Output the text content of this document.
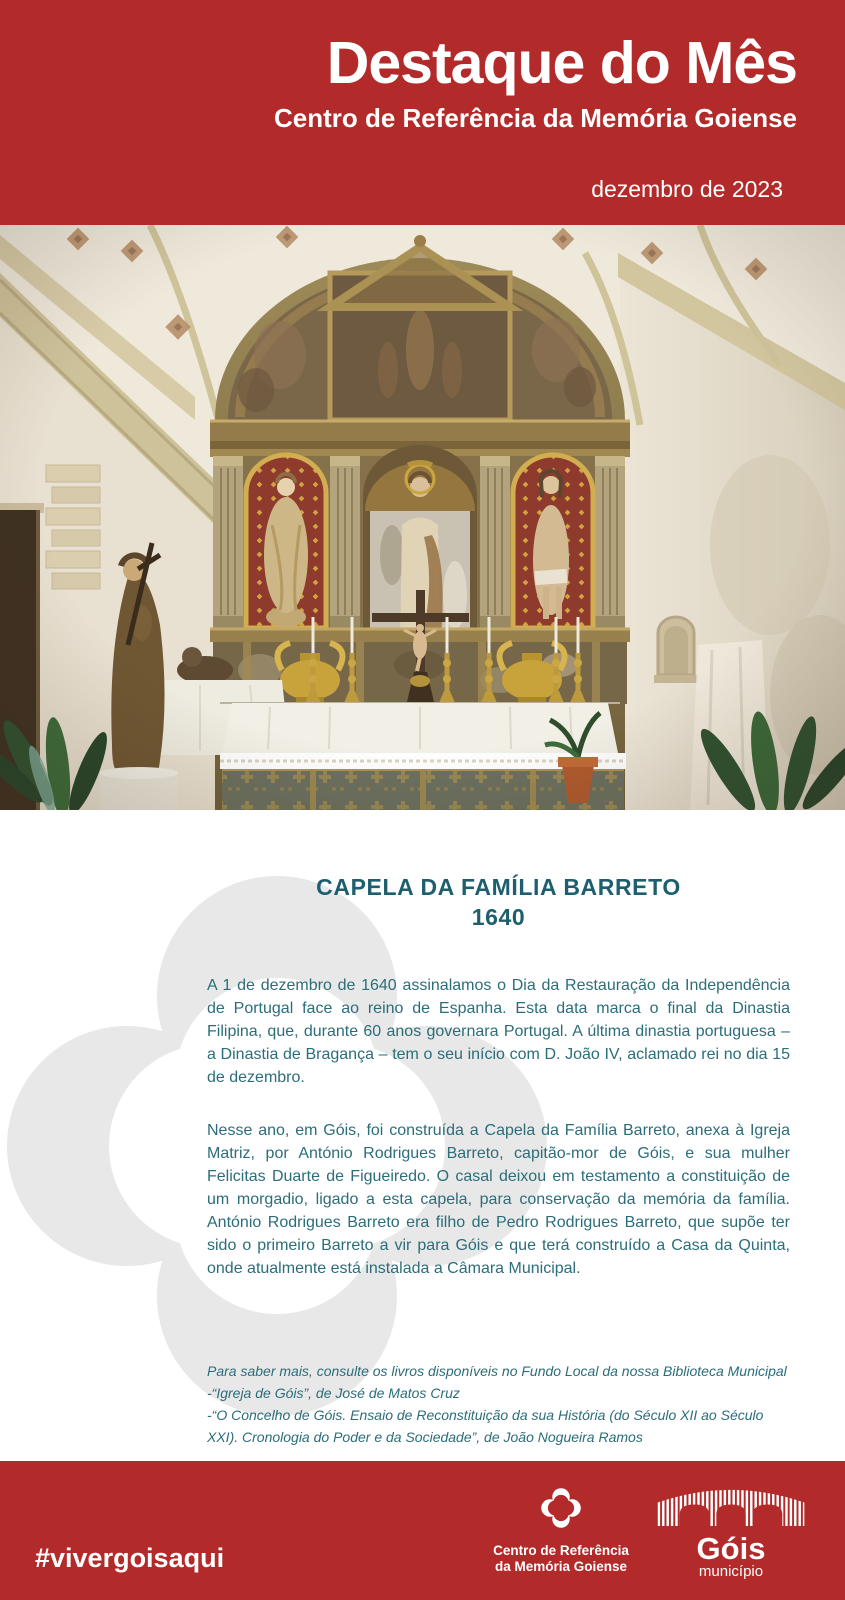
Destaque do Mês
Centro de Referência da Memória Goiense
dezembro de 2023
CAPELA DA FAMÍLIA BARRETO
1640

A 1 de dezembro de 1640 assinalamos o Dia da Restauração da Independência de Portugal face ao reino de Espanha. Esta data marca o final da Dinastia Filipina, que, durante 60 anos governara Portugal. A última dinastia portuguesa – a Dinastia de Bragança – tem o seu início com D. João IV, aclamado rei no dia 15 de dezembro.

Nesse ano, em Góis, foi construída a Capela da Família Barreto, anexa à Igreja Matriz, por António Rodrigues Barreto, capitão-mor de Góis, e sua mulher Felicitas Duarte de Figueiredo. O casal deixou em testamento a constituição de um morgadio, ligado a esta capela, para conservação da memória da família. António Rodrigues Barreto era filho de Pedro Rodrigues Barreto, que supõe ter sido o primeiro Barreto a vir para Góis e que terá construído a Casa da Quinta, onde atualmente está instalada a Câmara Municipal.

Para saber mais, consulte os livros disponíveis no Fundo Local da nossa Biblioteca Municipal
-“Igreja de Góis”, de José de Matos Cruz
-“O Concelho de Góis. Ensaio de Reconstituição da sua História (do Século XII ao Século XXI). Cronologia do Poder e da Sociedade”, de João Nogueira Ramos
#vivergoisaqui	Centro de Referência
da Memória Goiense
Góis
município
